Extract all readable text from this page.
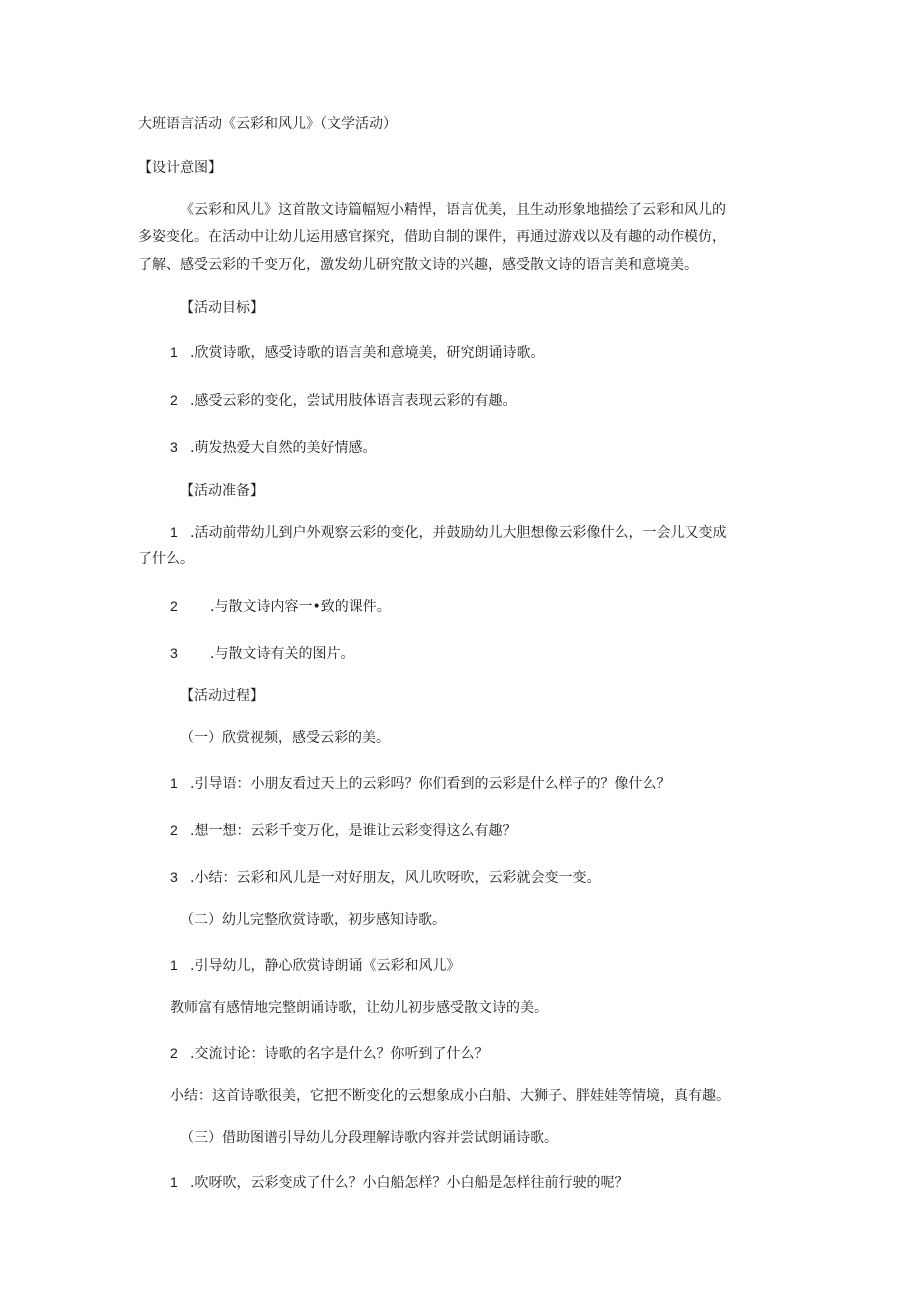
大班语言活动《云彩和风儿》（文学活动）
【设计意图】
《云彩和风儿》这首散文诗篇幅短小精悍，语言优美，且生动形象地描绘了云彩和风儿的
多姿变化。在活动中让幼儿运用感官探究，借助自制的课件，再通过游戏以及有趣的动作模仿，
了解、感受云彩的千变万化，激发幼儿研究散文诗的兴趣，感受散文诗的语言美和意境美。
【活动目标】
1 .欣赏诗歌，感受诗歌的语言美和意境美，研究朗诵诗歌。
2 .感受云彩的变化，尝试用肢体语言表现云彩的有趣。
3 .萌发热爱大自然的美好情感。
【活动准备】
1 .活动前带幼儿到户外观察云彩的变化，并鼓励幼儿大胆想像云彩像什么，一会儿又变成
了什么。
2 .与散文诗内容一•致的课件。
3 .与散文诗有关的图片。
【活动过程】
（一）欣赏视频，感受云彩的美。
1 .引导语：小朋友看过天上的云彩吗？你们看到的云彩是什么样子的？像什么？
2 .想一想：云彩千变万化，是谁让云彩变得这么有趣？
3 .小结：云彩和风儿是一对好朋友，风儿吹呀吹，云彩就会变一变。
（二）幼儿完整欣赏诗歌，初步感知诗歌。
1 .引导幼儿，静心欣赏诗朗诵《云彩和风儿》
教师富有感情地完整朗诵诗歌，让幼儿初步感受散文诗的美。
2 .交流讨论：诗歌的名字是什么？你听到了什么？
小结：这首诗歌很美，它把不断变化的云想象成小白船、大狮子、胖娃娃等情境，真有趣。
（三）借助图谱引导幼儿分段理解诗歌内容并尝试朗诵诗歌。
1 .吹呀吹，云彩变成了什么？小白船怎样？小白船是怎样往前行驶的呢？
